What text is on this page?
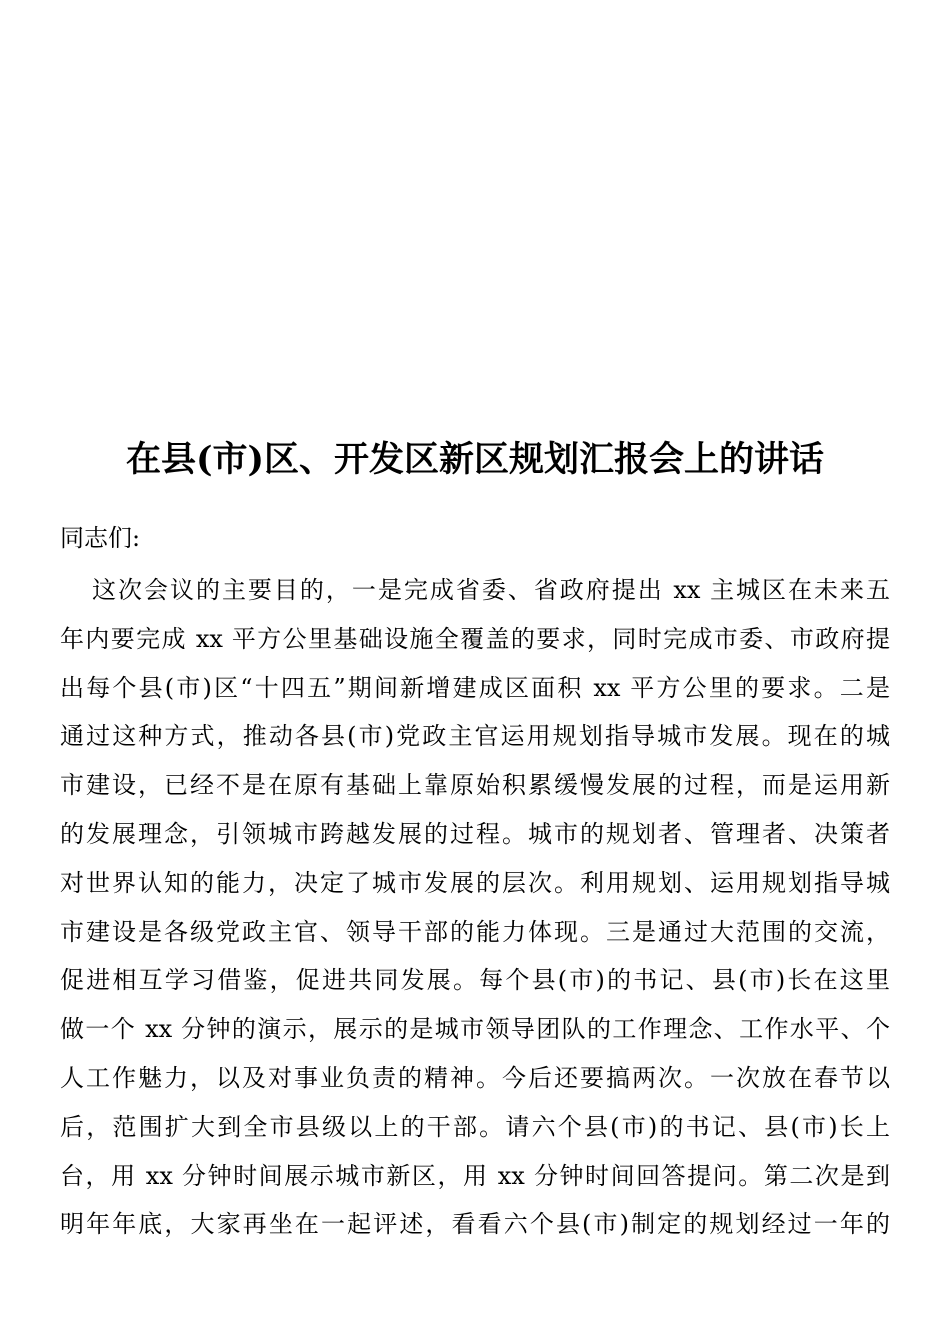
在县(市)区、开发区新区规划汇报会上的讲话
同志们:
这次会议的主要目的，一是完成省委、省政府提出 xx 主城区在未来五
年内要完成 xx 平方公里基础设施全覆盖的要求，同时完成市委、市政府提
出每个县(市)区“十四五”期间新增建成区面积 xx 平方公里的要求。二是
通过这种方式，推动各县(市)党政主官运用规划指导城市发展。现在的城
市建设，已经不是在原有基础上靠原始积累缓慢发展的过程，而是运用新
的发展理念，引领城市跨越发展的过程。城市的规划者、管理者、决策者
对世界认知的能力，决定了城市发展的层次。利用规划、运用规划指导城
市建设是各级党政主官、领导干部的能力体现。三是通过大范围的交流，
促进相互学习借鉴，促进共同发展。每个县(市)的书记、县(市)长在这里
做一个 xx 分钟的演示，展示的是城市领导团队的工作理念、工作水平、个
人工作魅力，以及对事业负责的精神。今后还要搞两次。一次放在春节以
后，范围扩大到全市县级以上的干部。请六个县(市)的书记、县(市)长上
台，用 xx 分钟时间展示城市新区，用 xx 分钟时间回答提问。第二次是到
明年年底，大家再坐在一起评述，看看六个县(市)制定的规划经过一年的
